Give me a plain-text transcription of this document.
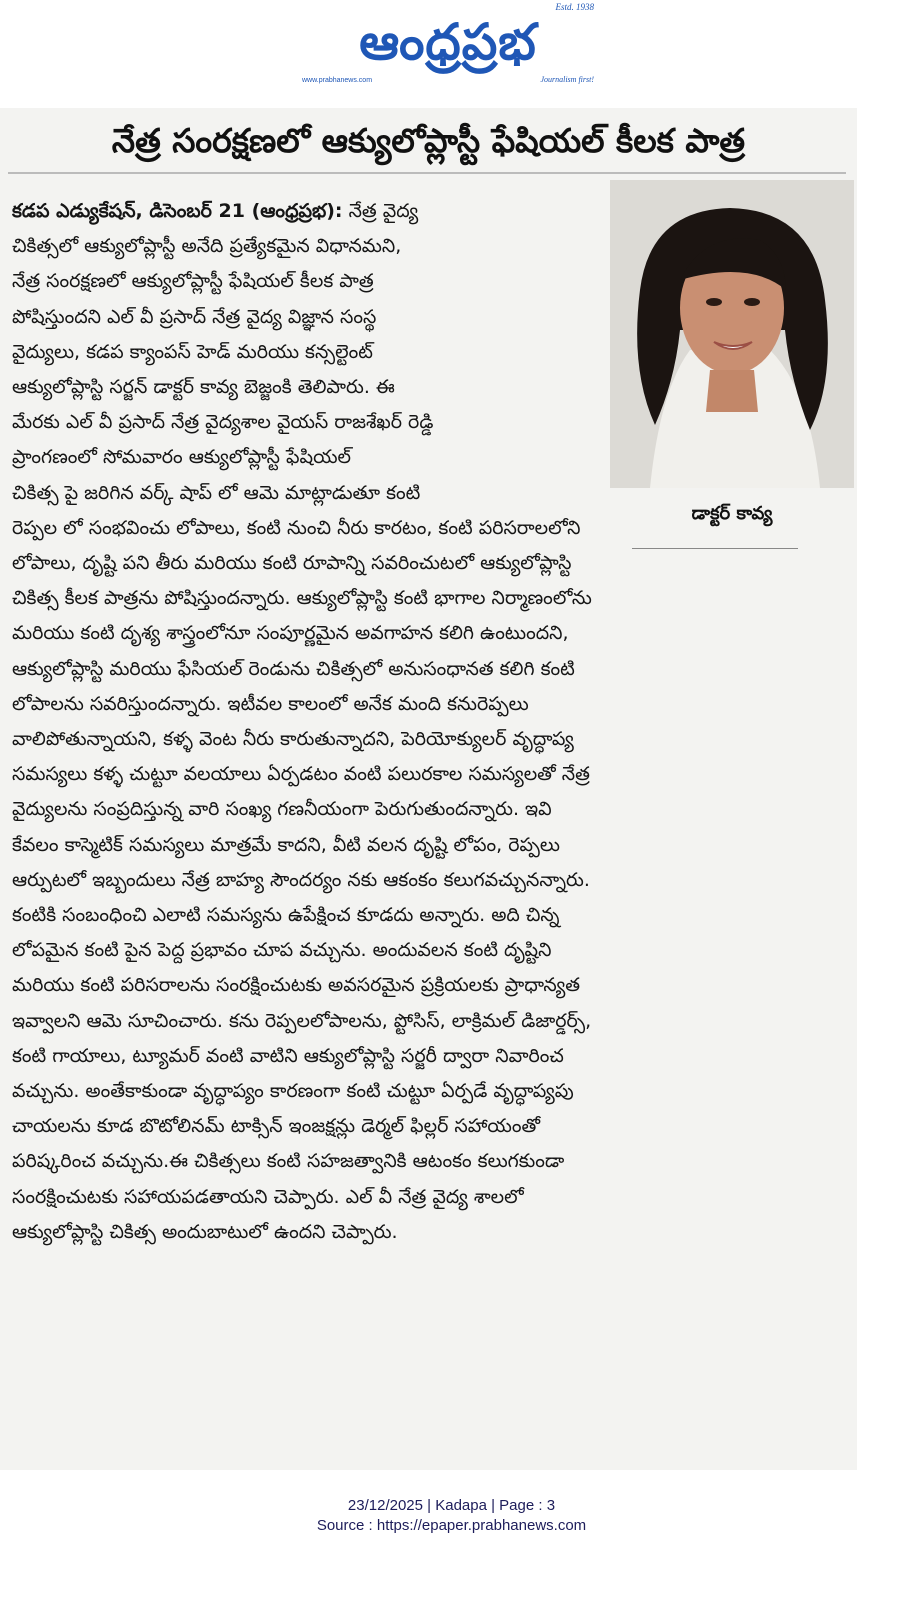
Estd. 1938
ఆంధ్రప్రభ
www.prabhanews.com	Journalism first!
నేత్ర సంరక్షణలో ఆక్యులోప్లాస్టీ ఫేషియల్ కీలక పాత్ర
డాక్టర్ కావ్య
కడప ఎడ్యుకేషన్, డిసెంబర్ 21 (ఆంధ్రప్రభ): నేత్ర వైద్య
చికిత్సలో ఆక్యులోప్లాస్టీ అనేది ప్రత్యేకమైన విధానమని,
నేత్ర సంరక్షణలో ఆక్యులోప్లాస్టీ ఫేషియల్ కీలక పాత్ర
పోషిస్తుందని ఎల్ వీ ప్రసాద్ నేత్ర వైద్య విజ్ఞాన సంస్థ
వైద్యులు, కడప క్యాంపస్ హెడ్ మరియు కన్సల్టెంట్
ఆక్యులోప్లాస్టి సర్జన్ డాక్టర్ కావ్య బెజ్జంకి తెలిపారు. ఈ
మేరకు ఎల్ వీ ప్రసాద్ నేత్ర వైద్యశాల వైయస్ రాజశేఖర్ రెడ్డి
ప్రాంగణంలో సోమవారం ఆక్యులోప్లాస్టీ ఫేషియల్
చికిత్స పై జరిగిన వర్క్ షాప్ లో ఆమె మాట్లాడుతూ కంటి
రెప్పల లో సంభవించు లోపాలు, కంటి నుంచి నీరు కారటం, కంటి పరిసరాలలోని
లోపాలు, దృష్టి పని తీరు మరియు కంటి రూపాన్ని సవరించుటలో ఆక్యులోప్లాస్టి
చికిత్స కీలక పాత్రను పోషిస్తుందన్నారు. ఆక్యులోప్లాస్టి కంటి భాగాల నిర్మాణంలోను
మరియు కంటి దృశ్య శాస్త్రంలోనూ సంపూర్ణమైన అవగాహన కలిగి ఉంటుందని,
ఆక్యులోప్లాస్టి మరియు ఫేసియల్ రెండును చికిత్సలో అనుసంధానత కలిగి కంటి
లోపాలను సవరిస్తుందన్నారు. ఇటీవల కాలంలో అనేక మంది కనురెప్పలు
వాలిపోతున్నాయని, కళ్ళ వెంట నీరు కారుతున్నాదని, పెరియోక్యులర్ వృద్ధాప్య
సమస్యలు కళ్ళ చుట్టూ వలయాలు ఏర్పడటం వంటి పలురకాల సమస్యలతో నేత్ర
వైద్యులను సంప్రదిస్తున్న వారి సంఖ్య గణనీయంగా పెరుగుతుందన్నారు. ఇవి
కేవలం కాస్మెటిక్ సమస్యలు మాత్రమే కాదని, వీటి వలన దృష్టి లోపం, రెప్పలు
ఆర్పుటలో ఇబ్బందులు నేత్ర బాహ్య సౌందర్యం నకు ఆకంకం కలుగవచ్చునన్నారు.
కంటికి సంబంధించి ఎలాటి సమస్యను ఉపేక్షించ కూడదు అన్నారు. అది చిన్న
లోపమైన కంటి పైన పెద్ద ప్రభావం చూప వచ్చును. అందువలన కంటి దృష్టిని
మరియు కంటి పరిసరాలను సంరక్షించుటకు అవసరమైన ప్రక్రియలకు ప్రాధాన్యత
ఇవ్వాలని ఆమె సూచించారు. కను రెప్పలలోపాలను, ప్టోసిస్, లాక్రిమల్ డిజార్డర్స్,
కంటి గాయాలు, ట్యూమర్ వంటి వాటిని ఆక్యులోప్లాస్టి సర్జరీ ద్వారా నివారించ
వచ్చును. అంతేకాకుండా వృద్ధాప్యం కారణంగా కంటి చుట్టూ ఏర్పడే వృద్ధాప్యపు
చాయలను కూడ బొటోలినమ్ టాక్సిన్ ఇంజక్షన్లు డెర్మల్ ఫిల్లర్ సహాయంతో
పరిష్కరించ వచ్చును.ఈ చికిత్సలు కంటి సహజత్వానికి ఆటంకం కలుగకుండా
సంరక్షించుటకు సహాయపడతాయని చెప్పారు. ఎల్ వీ నేత్ర వైద్య శాలలో
ఆక్యులోప్లాస్టి చికిత్స అందుబాటులో ఉందని చెప్పారు.
23/12/2025 | Kadapa | Page : 3
Source : https://epaper.prabhanews.com
